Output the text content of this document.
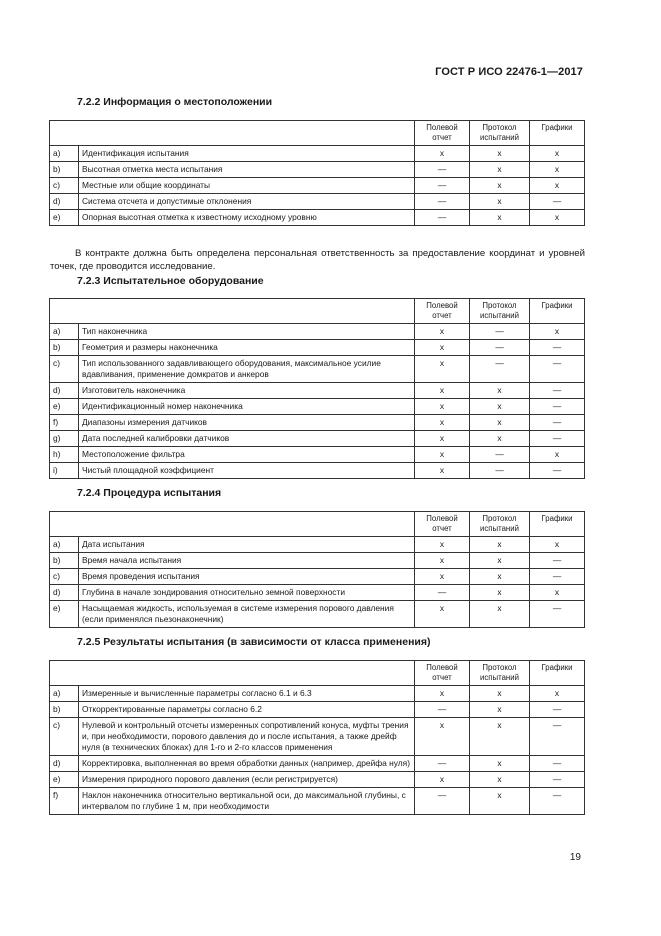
ГОСТ Р ИСО 22476-1—2017
7.2.2 Информация о местоположении
		Полевой отчет	Протокол испытаний	Графики
a)	Идентификация испытания	x	x	x
b)	Высотная отметка места испытания	—	x	x
c)	Местные или общие координаты	—	x	x
d)	Система отсчета и допустимые отклонения	—	x	—
e)	Опорная высотная отметка к известному исходному уровню	—	x	x
В контракте должна быть определена персональная ответственность за предоставление координат и уровней точек, где проводится исследование.
7.2.3 Испытательное оборудование
		Полевой отчет	Протокол испытаний	Графики
a)	Тип наконечника	x	—	x
b)	Геометрия и размеры наконечника	x	—	—
c)	Тип использованного задавливающего оборудования, максимальное усилие вдавливания, применение домкратов и анкеров	x	—	—
d)	Изготовитель наконечника	x	x	—
e)	Идентификационный номер наконечника	x	x	—
f)	Диапазоны измерения датчиков	x	x	—
g)	Дата последней калибровки датчиков	x	x	—
h)	Местоположение фильтра	x	—	x
i)	Чистый площадной коэффициент	x	—	—
7.2.4 Процедура испытания
		Полевой отчет	Протокол испытаний	Графики
a)	Дата испытания	x	x	x
b)	Время начала испытания	x	x	—
c)	Время проведения испытания	x	x	—
d)	Глубина в начале зондирования относительно земной поверхности	—	x	x
e)	Насыщаемая жидкость, используемая в системе измерения порового давления (если применялся пьезонаконечник)	x	x	—
7.2.5 Результаты испытания (в зависимости от класса применения)
		Полевой отчет	Протокол испытаний	Графики
a)	Измеренные и вычисленные параметры согласно 6.1 и 6.3	x	x	x
b)	Откорректированные параметры согласно 6.2	—	x	—
c)	Нулевой и контрольный отсчеты измеренных сопротивлений конуса, муфты трения и, при необходимости, порового давления до и после испытания, а также дрейф нуля (в технических блоках) для 1-го и 2-го классов применения	x	x	—
d)	Корректировка, выполненная во время обработки данных (например, дрейфа нуля)	—	x	—
e)	Измерения природного порового давления (если регистрируется)	x	x	—
f)	Наклон наконечника относительно вертикальной оси, до максимальной глубины, с интервалом по глубине 1 м, при необходимости	—	x	—
19
